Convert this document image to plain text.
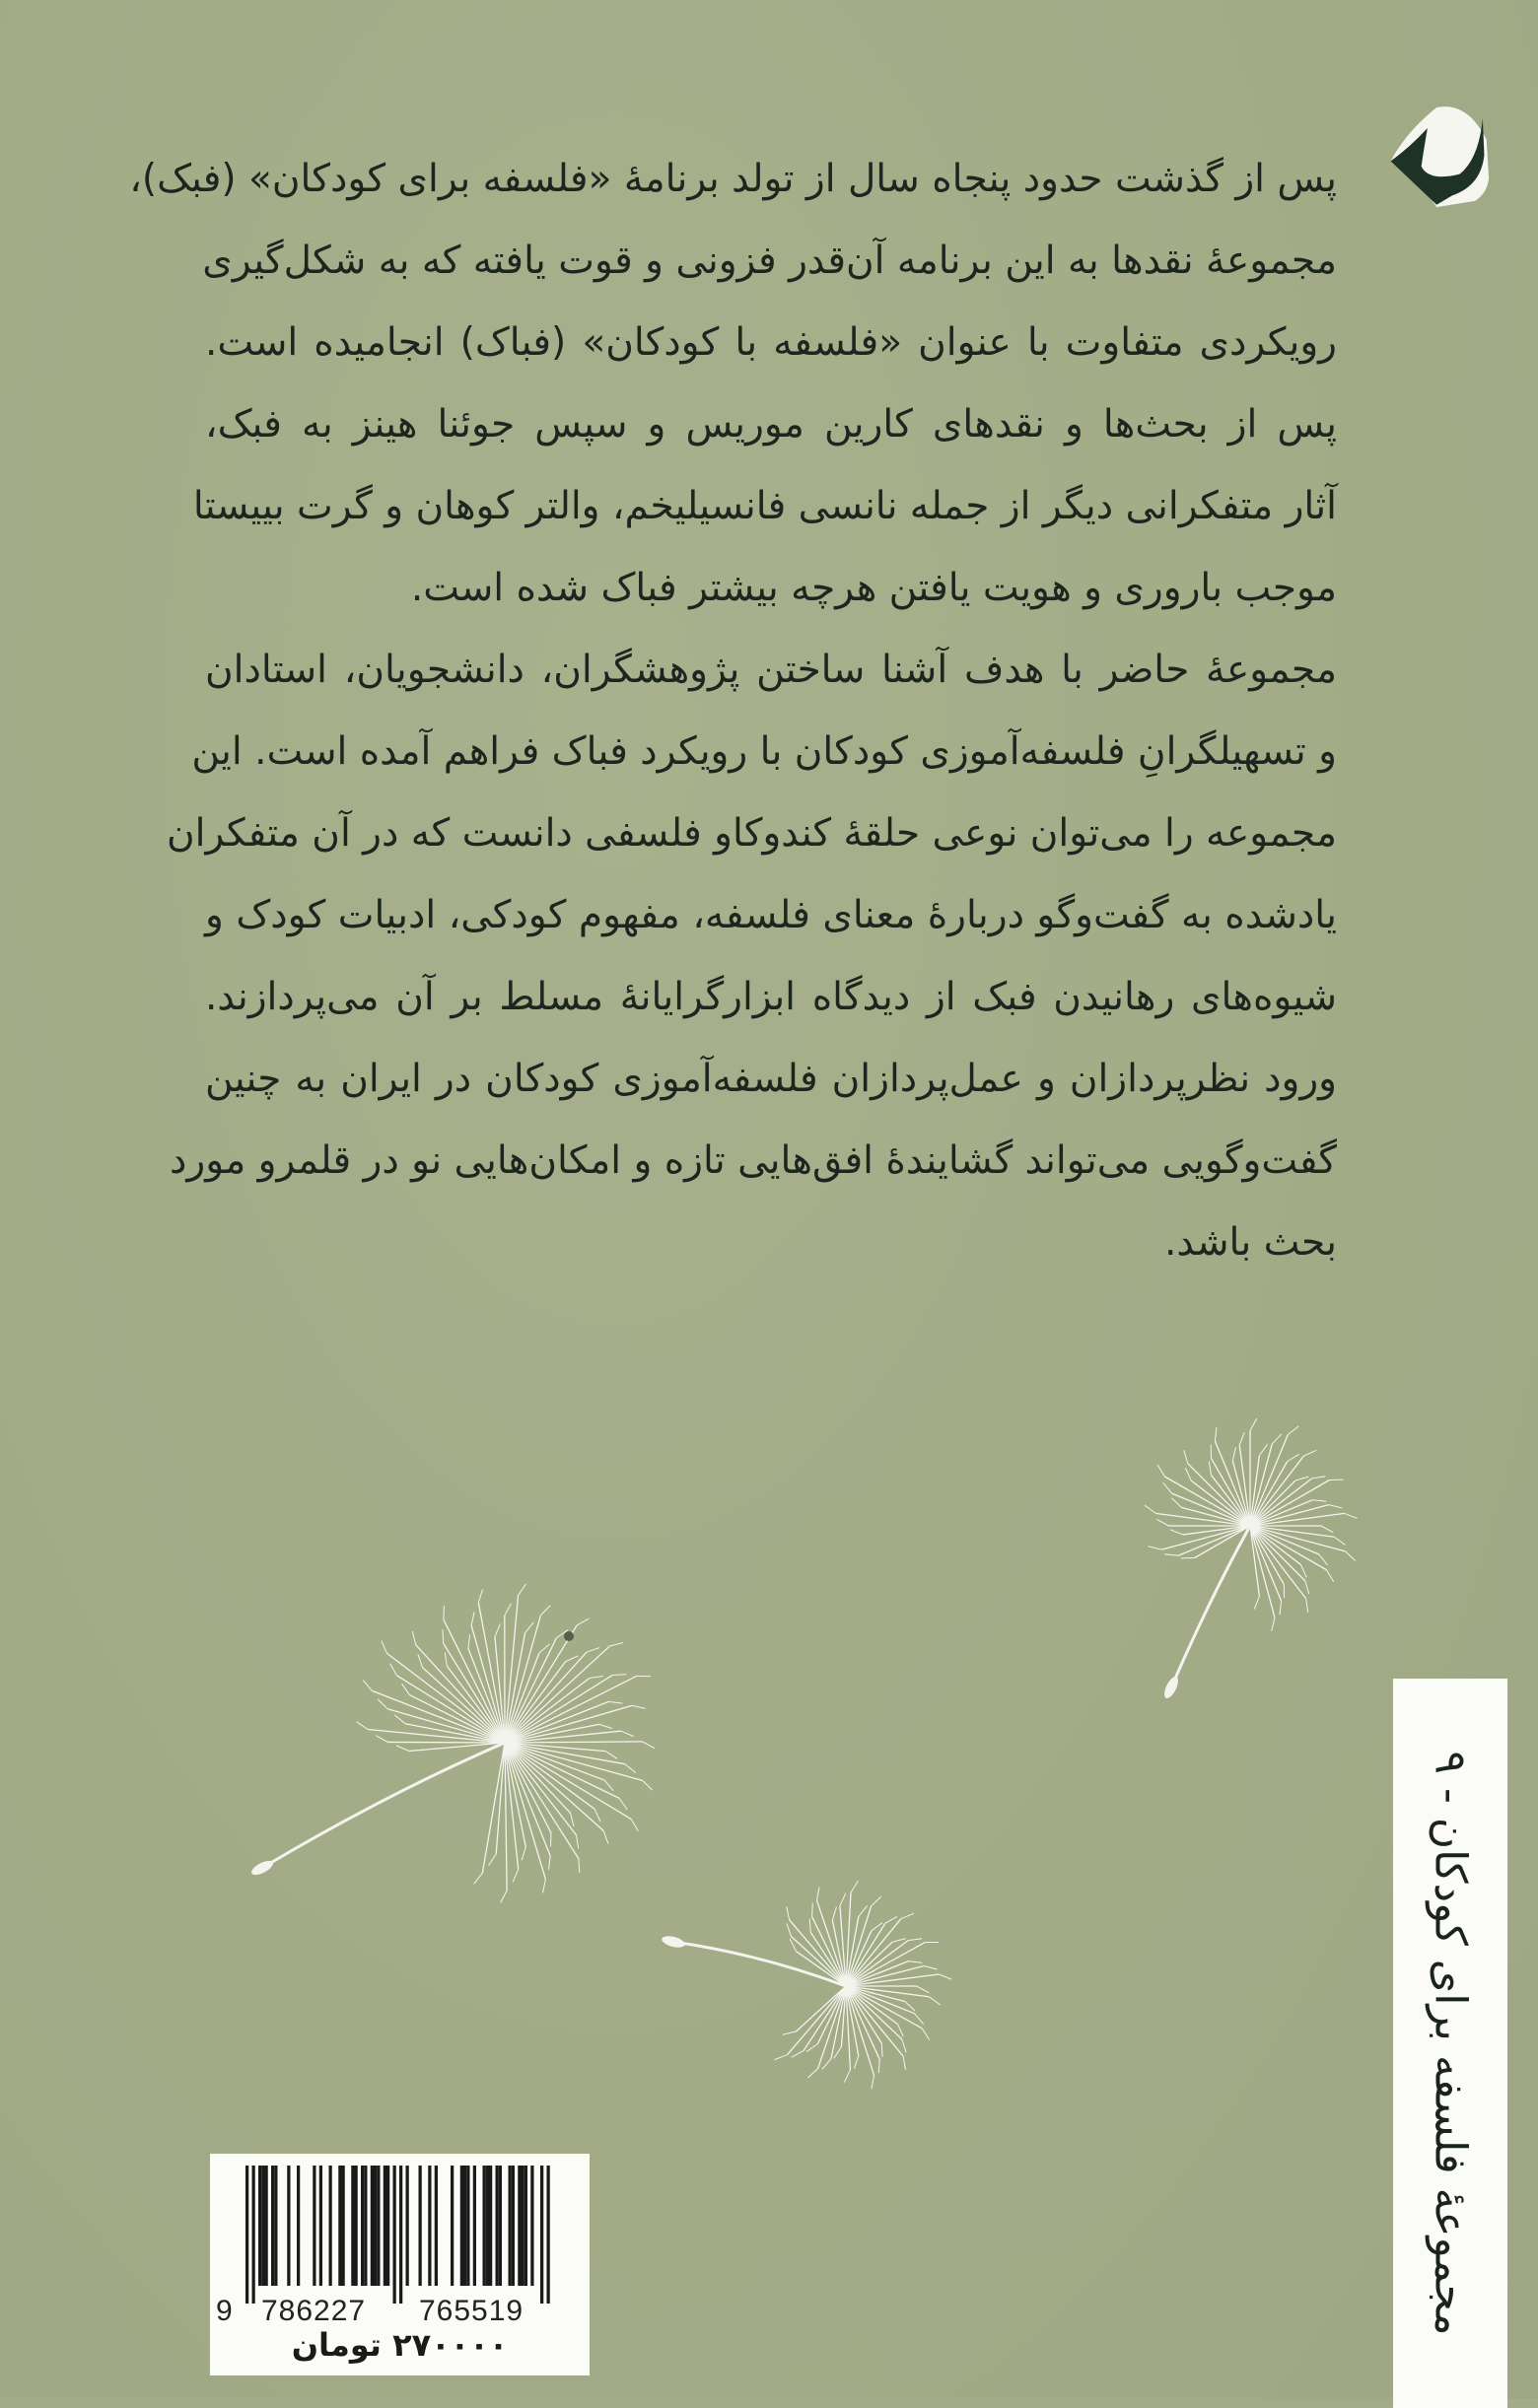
پس از گذشت حدود پنجاه سال از تولد برنامهٔ «فلسفه برای کودکان» (فبک)،
مجموعهٔ نقدها به این برنامه آن‌قدر فزونی و قوت یافته که به شکل‌گیری
رویکردی متفاوت با عنوان «فلسفه با کودکان» (فباک) انجامیده است.
پس از بحث‌ها و نقدهای کارین موریس و سپس جوئنا هینز به فبک،
آثار متفکرانی دیگر از جمله نانسی فانسیلیخم، والتر کوهان و گرت بییستا
موجب باروری و هویت یافتن هرچه بیشتر فباک شده است.
مجموعهٔ حاضر با هدف آشنا ساختن پژوهشگران، دانشجویان، استادان
و تسهیلگرانِ فلسفه‌آموزی کودکان با رویکرد فباک فراهم آمده است. این
مجموعه را می‌توان نوعی حلقهٔ کندوکاو فلسفی دانست که در آن متفکران
یادشده به گفت‌وگو دربارهٔ معنای فلسفه، مفهوم کودکی، ادبیات کودک و
شیوه‌های رهانیدن فبک از دیدگاه ابزارگرایانهٔ مسلط بر آن می‌پردازند.
ورود نظرپردازان و عمل‌پردازان فلسفه‌آموزی کودکان در ایران به چنین
گفت‌وگویی می‌تواند گشایندهٔ افق‌هایی تازه و امکان‌هایی نو در قلمرو مورد
بحث باشد.
9 786227 765519
۲۷۰۰۰۰ تومان
مجموعهٔ فلسفه برای کودکان - ۹
